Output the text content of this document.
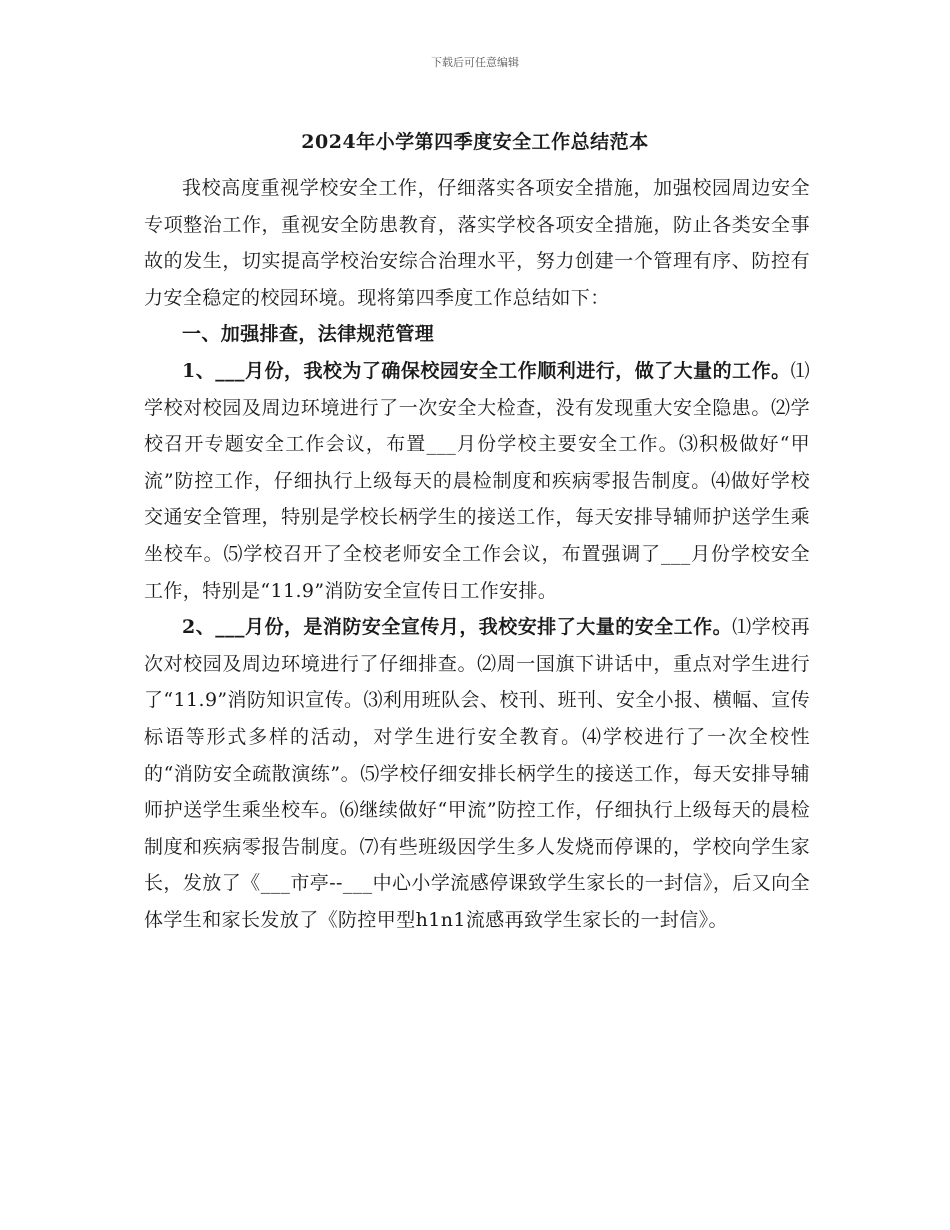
下载后可任意编辑
2024年小学第四季度安全工作总结范本

我校高度重视学校安全工作，仔细落实各项安全措施，加强校园周边安全专项整治工作，重视安全防患教育，落实学校各项安全措施，防止各类安全事故的发生，切实提高学校治安综合治理水平，努力创建一个管理有序、防控有力安全稳定的校园环境。现将第四季度工作总结如下：

一、加强排查，法律规范管理

1、___月份，我校为了确保校园安全工作顺利进行，做了大量的工作。⑴学校对校园及周边环境进行了一次安全大检查，没有发现重大安全隐患。⑵学校召开专题安全工作会议，布置___月份学校主要安全工作。⑶积极做好“甲流”防控工作，仔细执行上级每天的晨检制度和疾病零报告制度。⑷做好学校交通安全管理，特别是学校长柄学生的接送工作，每天安排导辅师护送学生乘坐校车。⑸学校召开了全校老师安全工作会议，布置强调了___月份学校安全工作，特别是“11.9”消防安全宣传日工作安排。

2、___月份，是消防安全宣传月，我校安排了大量的安全工作。⑴学校再次对校园及周边环境进行了仔细排查。⑵周一国旗下讲话中，重点对学生进行了“11.9”消防知识宣传。⑶利用班队会、校刊、班刊、安全小报、横幅、宣传标语等形式多样的活动，对学生进行安全教育。⑷学校进行了一次全校性的“消防安全疏散演练”。⑸学校仔细安排长柄学生的接送工作，每天安排导辅师护送学生乘坐校车。⑹继续做好“甲流”防控工作，仔细执行上级每天的晨检制度和疾病零报告制度。⑺有些班级因学生多人发烧而停课的，学校向学生家长，发放了《___市亭--___中心小学流感停课致学生家长的一封信》，后又向全体学生和家长发放了《防控甲型h1n1流感再致学生家长的一封信》。
